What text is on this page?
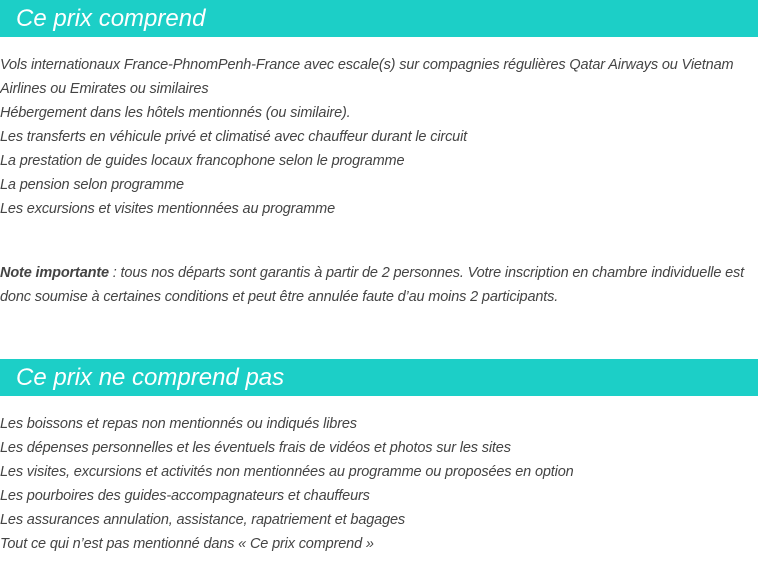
Ce prix comprend
Vols internationaux France-PhnomPenh-France avec escale(s) sur compagnies régulières Qatar Airways ou Vietnam Airlines ou Emirates ou similaires
Hébergement dans les hôtels mentionnés (ou similaire).
Les transferts en véhicule privé et climatisé avec chauffeur durant le circuit
La prestation de guides locaux francophone selon le programme
La pension selon programme
Les excursions et visites mentionnées au programme

Note importante : tous nos départs sont garantis à partir de 2 personnes. Votre inscription en chambre individuelle est donc soumise à certaines conditions et peut être annulée faute d’au moins 2 participants.

Ce prix ne comprend pas
Les boissons et repas non mentionnés ou indiqués libres
Les dépenses personnelles et les éventuels frais de vidéos et photos sur les sites
Les visites, excursions et activités non mentionnées au programme ou proposées en option
Les pourboires des guides-accompagnateurs et chauffeurs
Les assurances annulation, assistance, rapatriement et bagages
Tout ce qui n’est pas mentionné dans « Ce prix comprend »
